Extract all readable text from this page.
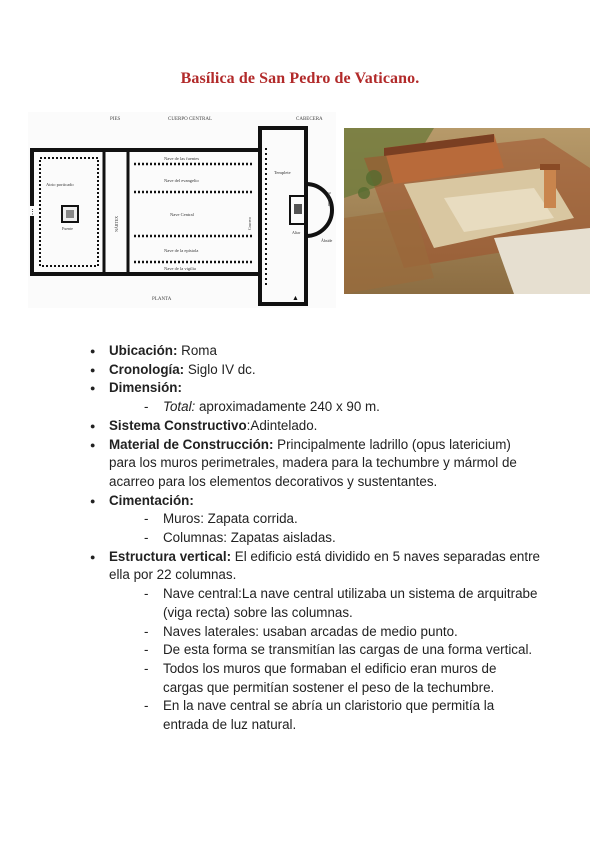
Basílica de San Pedro de Vaticano.
PIES	CUERPO CENTRAL	CABECERA
Atrio porticado
Fuente	NÁRTEX
Nave de las fuentes
Nave del evangelio
Nave Central
Nave de la epístola
Nave de la vigilia
Crucero
Templete
Altar
Ábside
Sacristía
⋮
PLANTA	▲
● Ubicación: Roma
● Cronología: Siglo IV dc.
● Dimensión:
- Total: aproximadamente 240 x 90 m.
● Sistema Constructivo:Adintelado.
● Material de Construcción: Principalmente ladrillo (opus latericium) para los muros perimetrales, madera para la techumbre y mármol de acarreo para los elementos decorativos y sustentantes.
● Cimentación:
- Muros: Zapata corrida.
- Columnas: Zapatas aisladas.
● Estructura vertical: El edificio está dividido en 5 naves separadas entre ella por 22 columnas.
- Nave central:La nave central utilizaba un sistema de arquitrabe (viga recta) sobre las columnas.
- Naves laterales: usaban arcadas de medio punto.
- De esta forma se transmitían las cargas de una forma vertical.
- Todos los muros que formaban el edificio eran muros de cargas que permitían sostener el peso de la techumbre.
- En la nave central se abría un claristorio que permitía la entrada de luz natural.
